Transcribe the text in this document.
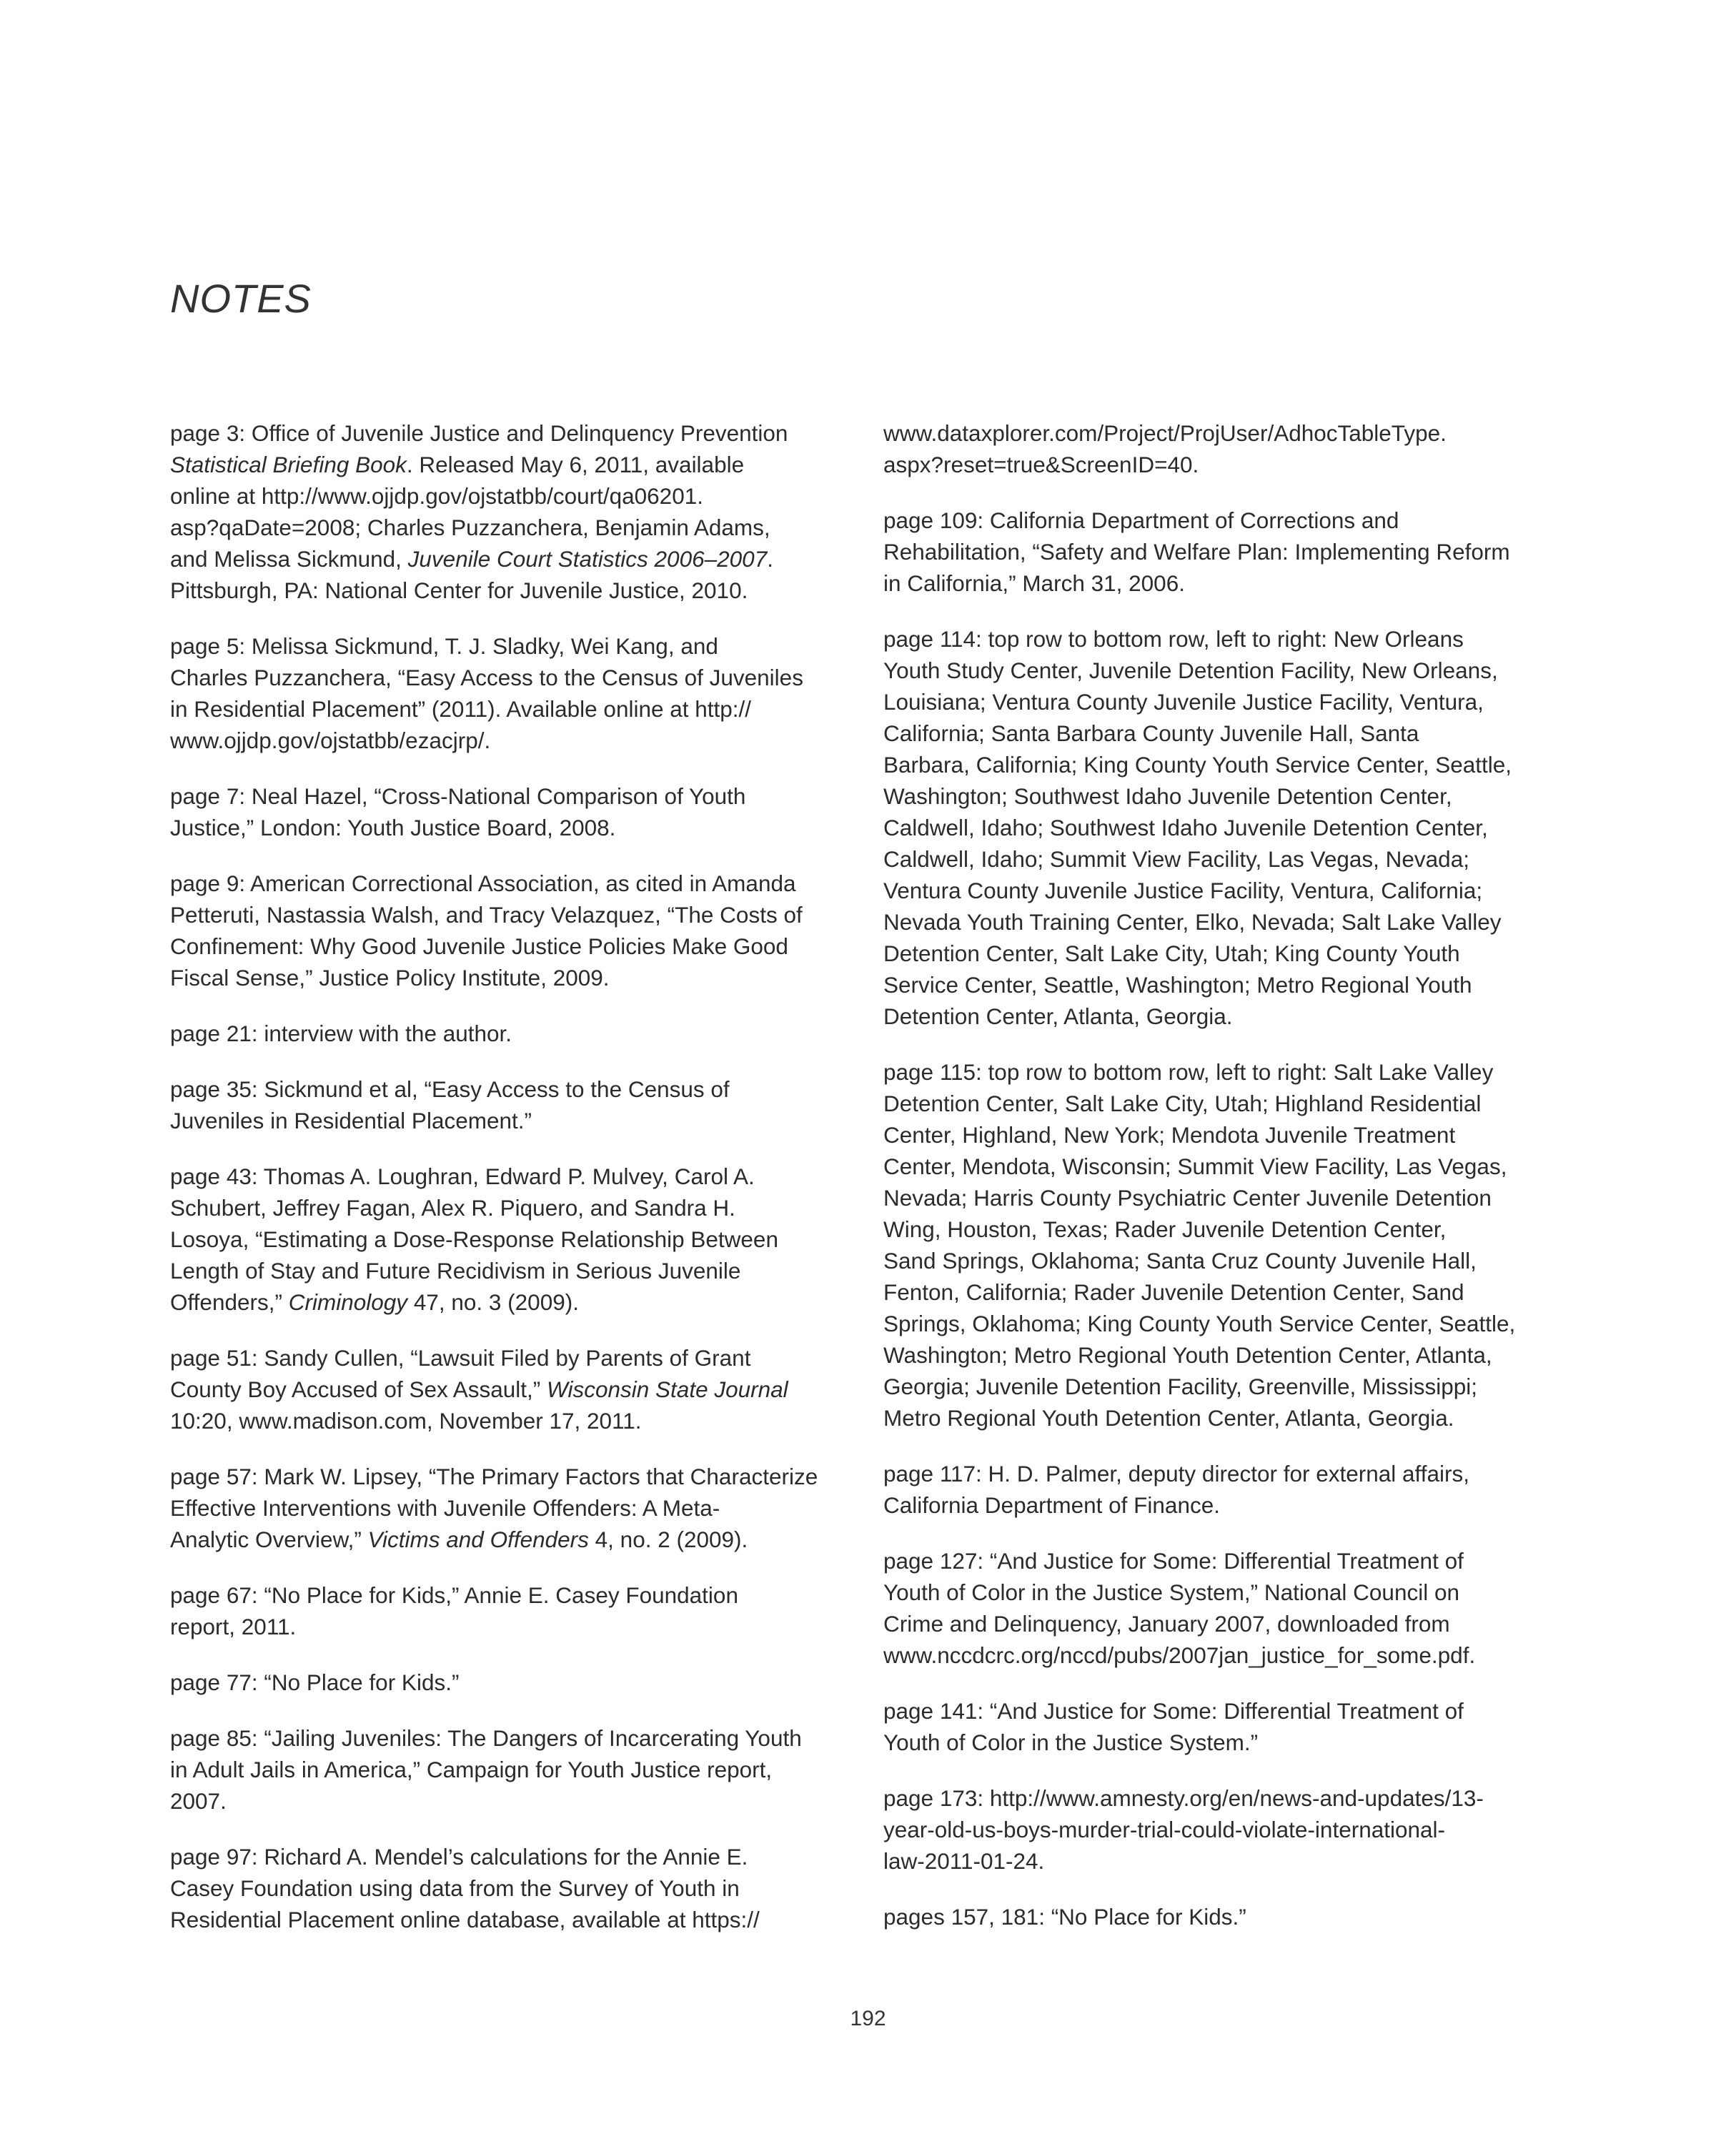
NOTES

page 3: Office of Juvenile Justice and Delinquency Prevention
Statistical Briefing Book. Released May 6, 2011, available
online at http://www.ojjdp.gov/ojstatbb/court/qa06201.
asp?qaDate=2008; Charles Puzzanchera, Benjamin Adams,
and Melissa Sickmund, Juvenile Court Statistics 2006–2007.
Pittsburgh, PA: National Center for Juvenile Justice, 2010.

page 5: Melissa Sickmund, T. J. Sladky, Wei Kang, and
Charles Puzzanchera, “Easy Access to the Census of Juveniles
in Residential Placement” (2011). Available online at http://
www.ojjdp.gov/ojstatbb/ezacjrp/.

page 7: Neal Hazel, “Cross-National Comparison of Youth
Justice,” London: Youth Justice Board, 2008.

page 9: American Correctional Association, as cited in Amanda
Petteruti, Nastassia Walsh, and Tracy Velazquez, “The Costs of
Confinement: Why Good Juvenile Justice Policies Make Good
Fiscal Sense,” Justice Policy Institute, 2009.

page 21: interview with the author.

page 35: Sickmund et al, “Easy Access to the Census of
Juveniles in Residential Placement.”

page 43: Thomas A. Loughran, Edward P. Mulvey, Carol A.
Schubert, Jeffrey Fagan, Alex R. Piquero, and Sandra H.
Losoya, “Estimating a Dose-Response Relationship Between
Length of Stay and Future Recidivism in Serious Juvenile
Offenders,” Criminology 47, no. 3 (2009).

page 51: Sandy Cullen, “Lawsuit Filed by Parents of Grant
County Boy Accused of Sex Assault,” Wisconsin State Journal
10:20, www.madison.com, November 17, 2011.

page 57: Mark W. Lipsey, “The Primary Factors that Characterize
Effective Interventions with Juvenile Offenders: A Meta-
Analytic Overview,” Victims and Offenders 4, no. 2 (2009).

page 67: “No Place for Kids,” Annie E. Casey Foundation
report, 2011.

page 77: “No Place for Kids.”

page 85: “Jailing Juveniles: The Dangers of Incarcerating Youth
in Adult Jails in America,” Campaign for Youth Justice report,
2007.

page 97: Richard A. Mendel’s calculations for the Annie E.
Casey Foundation using data from the Survey of Youth in
Residential Placement online database, available at https://

www.dataxplorer.com/Project/ProjUser/AdhocTableType.
aspx?reset=true&ScreenID=40.

page 109: California Department of Corrections and
Rehabilitation, “Safety and Welfare Plan: Implementing Reform
in California,” March 31, 2006.

page 114: top row to bottom row, left to right: New Orleans
Youth Study Center, Juvenile Detention Facility, New Orleans,
Louisiana; Ventura County Juvenile Justice Facility, Ventura,
California; Santa Barbara County Juvenile Hall, Santa
Barbara, California; King County Youth Service Center, Seattle,
Washington; Southwest Idaho Juvenile Detention Center,
Caldwell, Idaho; Southwest Idaho Juvenile Detention Center,
Caldwell, Idaho; Summit View Facility, Las Vegas, Nevada;
Ventura County Juvenile Justice Facility, Ventura, California;
Nevada Youth Training Center, Elko, Nevada; Salt Lake Valley
Detention Center, Salt Lake City, Utah; King County Youth
Service Center, Seattle, Washington; Metro Regional Youth
Detention Center, Atlanta, Georgia.

page 115: top row to bottom row, left to right: Salt Lake Valley
Detention Center, Salt Lake City, Utah; Highland Residential
Center, Highland, New York; Mendota Juvenile Treatment
Center, Mendota, Wisconsin; Summit View Facility, Las Vegas,
Nevada; Harris County Psychiatric Center Juvenile Detention
Wing, Houston, Texas; Rader Juvenile Detention Center,
Sand Springs, Oklahoma; Santa Cruz County Juvenile Hall,
Fenton, California; Rader Juvenile Detention Center, Sand
Springs, Oklahoma; King County Youth Service Center, Seattle,
Washington; Metro Regional Youth Detention Center, Atlanta,
Georgia; Juvenile Detention Facility, Greenville, Mississippi;
Metro Regional Youth Detention Center, Atlanta, Georgia.

page 117: H. D. Palmer, deputy director for external affairs,
California Department of Finance.

page 127: “And Justice for Some: Differential Treatment of
Youth of Color in the Justice System,” National Council on
Crime and Delinquency, January 2007, downloaded from
www.nccdcrc.org/nccd/pubs/2007jan_justice_for_some.pdf.

page 141: “And Justice for Some: Differential Treatment of
Youth of Color in the Justice System.”

page 173: http://www.amnesty.org/en/news-and-updates/13-
year-old-us-boys-murder-trial-could-violate-international-
law-2011-01-24.

pages 157, 181: “No Place for Kids.”

192
